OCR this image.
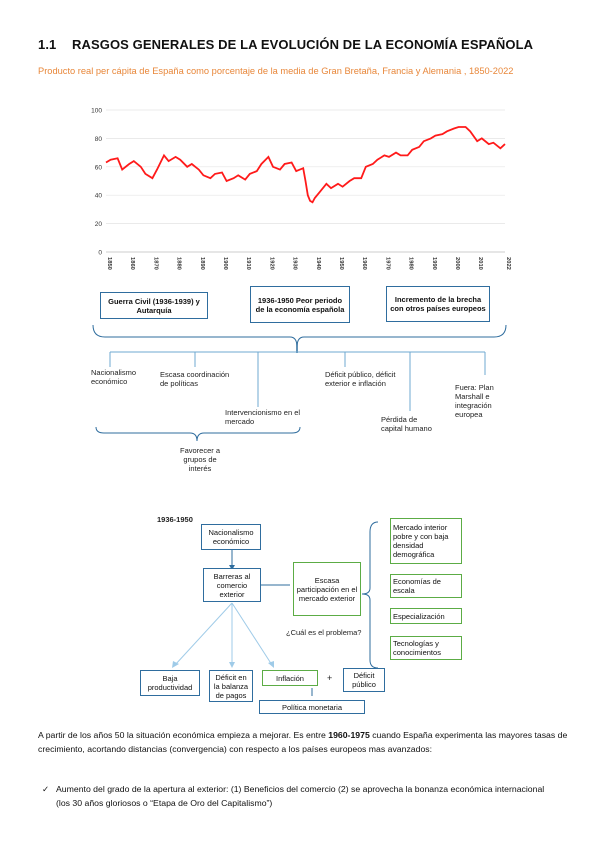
1.1 RASGOS GENERALES DE LA EVOLUCIÓN DE LA ECONOMÍA ESPAÑOLA
Producto real per cápita de España como porcentaje de la media de Gran Bretaña, Francia y Alemania , 1850-2022
100
80
60
40
20
0
1850	1860	1870	1880	1890	1900	1910	1920	1930	1940	1950	1960	1970	1980	1990	2000	2010	2022
Guerra Civil (1936-1939) y Autarquía
1936-1950 Peor periodo de la economía española
Incremento de la brecha con otros países europeos
Nacionalismo económico
Escasa coordinación de políticas
Intervencionismo en el mercado
Déficit público, déficit exterior e inflación
Pérdida de capital humano
Fuera: Plan Marshall e integración europea
Favorecer a grupos de interés
1936-1950
Nacionalismo económico
Barreras al comercio exterior
Escasa participación en el mercado exterior
¿Cuál es el problema?
Mercado interior pobre y con baja densidad demográfica
Economías de escala
Especialización
Tecnologías y conocimientos
Baja productividad
Déficit en la balanza de pagos
Inflación	+	Déficit público
Política monetaria
A partir de los años 50 la situación económica empieza a mejorar. Es entre 1960-1975 cuando España experimenta las mayores tasas de crecimiento, acortando distancias (convergencia) con respecto a los países europeos mas avanzados:
✓ Aumento del grado de la apertura al exterior: (1) Beneficios del comercio (2) se aprovecha la bonanza económica internacional (los 30 años gloriosos o “Etapa de Oro del Capitalismo”)
